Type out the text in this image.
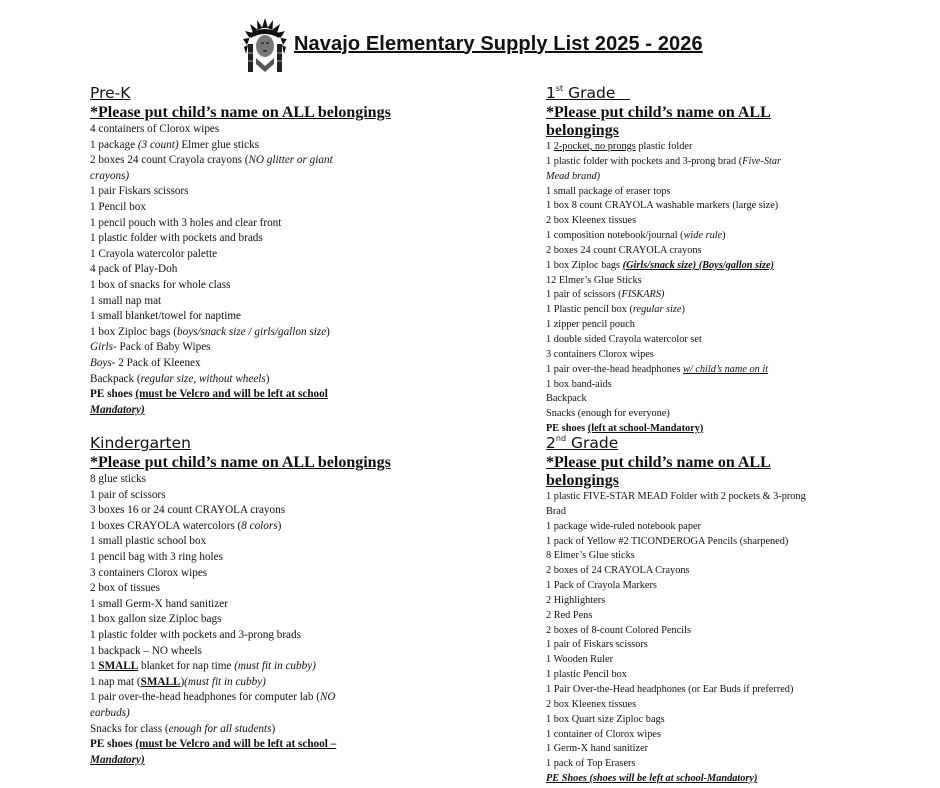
Navajo Elementary Supply List 2025 - 2026
Pre-K
*Please put child’s name on ALL belongings
4 containers of Clorox wipes
1 package (3 count) Elmer glue sticks
2 boxes 24 count Crayola crayons (NO glitter or giant
crayons)
1 pair Fiskars scissors
1 Pencil box
1 pencil pouch with 3 holes and clear front
1 plastic folder with pockets and brads
1 Crayola watercolor palette
4 pack of Play-Doh
1 box of snacks for whole class
1 small nap mat
1 small blanket/towel for naptime
1 box Ziploc bags (boys/snack size / girls/gallon size)
Girls- Pack of Baby Wipes
Boys- 2 Pack of Kleenex
Backpack (regular size, without wheels)
PE shoes (must be Velcro and will be left at school
Mandatory)
Kindergarten
*Please put child’s name on ALL belongings
8 glue sticks
1 pair of scissors
3 boxes 16 or 24 count CRAYOLA crayons
1 boxes CRAYOLA watercolors (8 colors)
1 small plastic school box
1 pencil bag with 3 ring holes
3 containers Clorox wipes
2 box of tissues
1 small Germ-X hand sanitizer
1 box gallon size Ziploc bags
1 plastic folder with pockets and 3-prong brads
1 backpack – NO wheels
1 SMALL blanket for nap time (must fit in cubby)
1 nap mat (SMALL)(must fit in cubby)
1 pair over-the-head headphones for computer lab (NO
earbuds)
Snacks for class (enough for all students)
PE shoes (must be Velcro and will be left at school –
Mandatory)
1st Grade
*Please put child’s name on ALL belongings
1 2-pocket, no prongs plastic folder
1 plastic folder with pockets and 3-prong brad (Five-Star
Mead brand)
1 small package of eraser tops
1 box 8 count CRAYOLA washable markers (large size)
2 box Kleenex tissues
1 composition notebook/journal (wide rule)
2 boxes 24 count CRAYOLA crayons
1 box Ziploc bags (Girls/snack size) (Boys/gallon size)
12 Elmer’s Glue Sticks
1 pair of scissors (FISKARS)
1 Plastic pencil box (regular size)
1 zipper pencil pouch
1 double sided Crayola watercolor set
3 containers Clorox wipes
1 pair over-the-head headphones w/ child’s name on it
1 box band-aids
Backpack
Snacks (enough for everyone)
PE shoes (left at school-Mandatory)
2nd Grade
*Please put child’s name on ALL belongings
1 plastic FIVE-STAR MEAD Folder with 2 pockets & 3-prong
Brad
1 package wide-ruled notebook paper
1 pack of Yellow #2 TICONDEROGA Pencils (sharpened)
8 Elmer’s Glue sticks
2 boxes of 24 CRAYOLA Crayons
1 Pack of Crayola Markers
2 Highlighters
2 Red Pens
2 boxes of 8-count Colored Pencils
1 pair of Fiskars scissors
1 Wooden Ruler
1 plastic Pencil box
1 Pair Over-the-Head headphones (or Ear Buds if preferred)
2 box Kleenex tissues
1 box Quart size Ziploc bags
1 container of Clorox wipes
1 Germ-X hand sanitizer
1 pack of Top Erasers
PE Shoes (shoes will be left at school-Mandatory)
